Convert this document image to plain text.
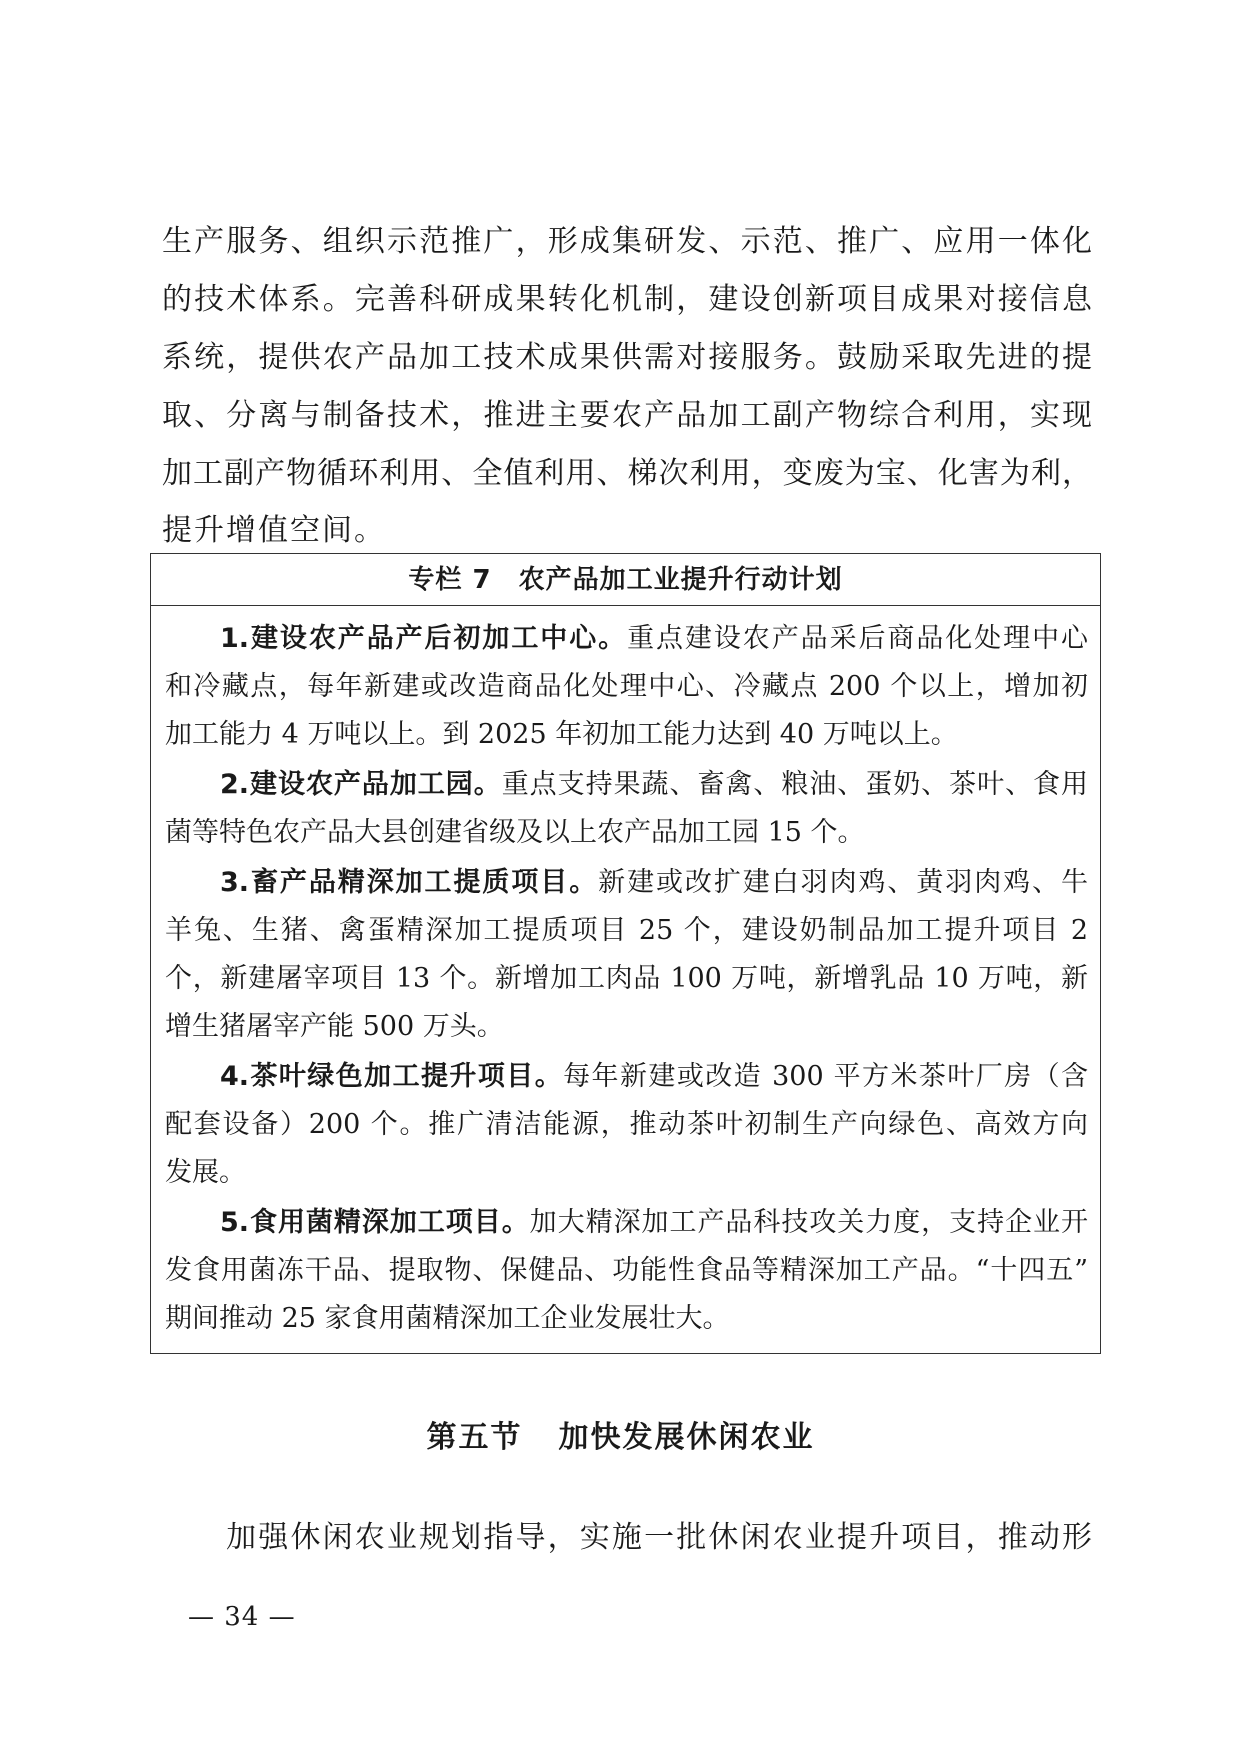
生产服务、组织示范推广，形成集研发、示范、推广、应用一体化
的技术体系。完善科研成果转化机制，建设创新项目成果对接信息
系统，提供农产品加工技术成果供需对接服务。鼓励采取先进的提
取、分离与制备技术，推进主要农产品加工副产物综合利用，实现
加工副产物循环利用、全值利用、梯次利用，变废为宝、化害为利，
提升增值空间。
专栏 7　农产品加工业提升行动计划
1.建设农产品产后初加工中心。重点建设农产品采后商品化处理中心
和冷藏点，每年新建或改造商品化处理中心、冷藏点 200 个以上，增加初
加工能力 4 万吨以上。到 2025 年初加工能力达到 40 万吨以上。
2.建设农产品加工园。重点支持果蔬、畜禽、粮油、蛋奶、茶叶、食用
菌等特色农产品大县创建省级及以上农产品加工园 15 个。
3.畜产品精深加工提质项目。新建或改扩建白羽肉鸡、黄羽肉鸡、牛
羊兔、生猪、禽蛋精深加工提质项目 25 个，建设奶制品加工提升项目 2
个，新建屠宰项目 13 个。新增加工肉品 100 万吨，新增乳品 10 万吨，新
增生猪屠宰产能 500 万头。
4.茶叶绿色加工提升项目。每年新建或改造 300 平方米茶叶厂房（含
配套设备）200 个。推广清洁能源，推动茶叶初制生产向绿色、高效方向
发展。
5.食用菌精深加工项目。加大精深加工产品科技攻关力度，支持企业开
发食用菌冻干品、提取物、保健品、功能性食品等精深加工产品。“十四五”
期间推动 25 家食用菌精深加工企业发展壮大。
第五节 加快发展休闲农业
加强休闲农业规划指导，实施一批休闲农业提升项目，推动形
— 34 —
